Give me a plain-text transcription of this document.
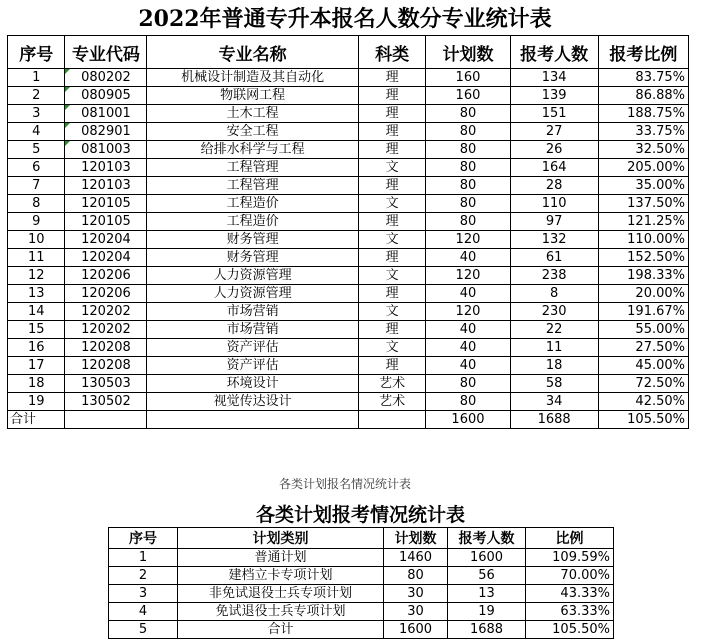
2022年普通专升本报名人数分专业统计表
序号	专业代码	专业名称	科类	计划数	报考人数	报考比例
1	080202	机械设计制造及其自动化	理	160	134	83.75%
2	080905	物联网工程	理	160	139	86.88%
3	081001	土木工程	理	80	151	188.75%
4	082901	安全工程	理	80	27	33.75%
5	081003	给排水科学与工程	理	80	26	32.50%
6	120103	工程管理	文	80	164	205.00%
7	120103	工程管理	理	80	28	35.00%
8	120105	工程造价	文	80	110	137.50%
9	120105	工程造价	理	80	97	121.25%
10	120204	财务管理	文	120	132	110.00%
11	120204	财务管理	理	40	61	152.50%
12	120206	人力资源管理	文	120	238	198.33%
13	120206	人力资源管理	理	40	8	20.00%
14	120202	市场营销	文	120	230	191.67%
15	120202	市场营销	理	40	22	55.00%
16	120208	资产评估	文	40	11	27.50%
17	120208	资产评估	理	40	18	45.00%
18	130503	环境设计	艺术	80	58	72.50%
19	130502	视觉传达设计	艺术	80	34	42.50%
合计				1600	1688	105.50%
各类计划报名情况统计表
各类计划报考情况统计表
序号	计划类别	计划数	报考人数	比例
1	普通计划	1460	1600	109.59%
2	建档立卡专项计划	80	56	70.00%
3	非免试退役士兵专项计划	30	13	43.33%
4	免试退役士兵专项计划	30	19	63.33%
5	合计	1600	1688	105.50%
